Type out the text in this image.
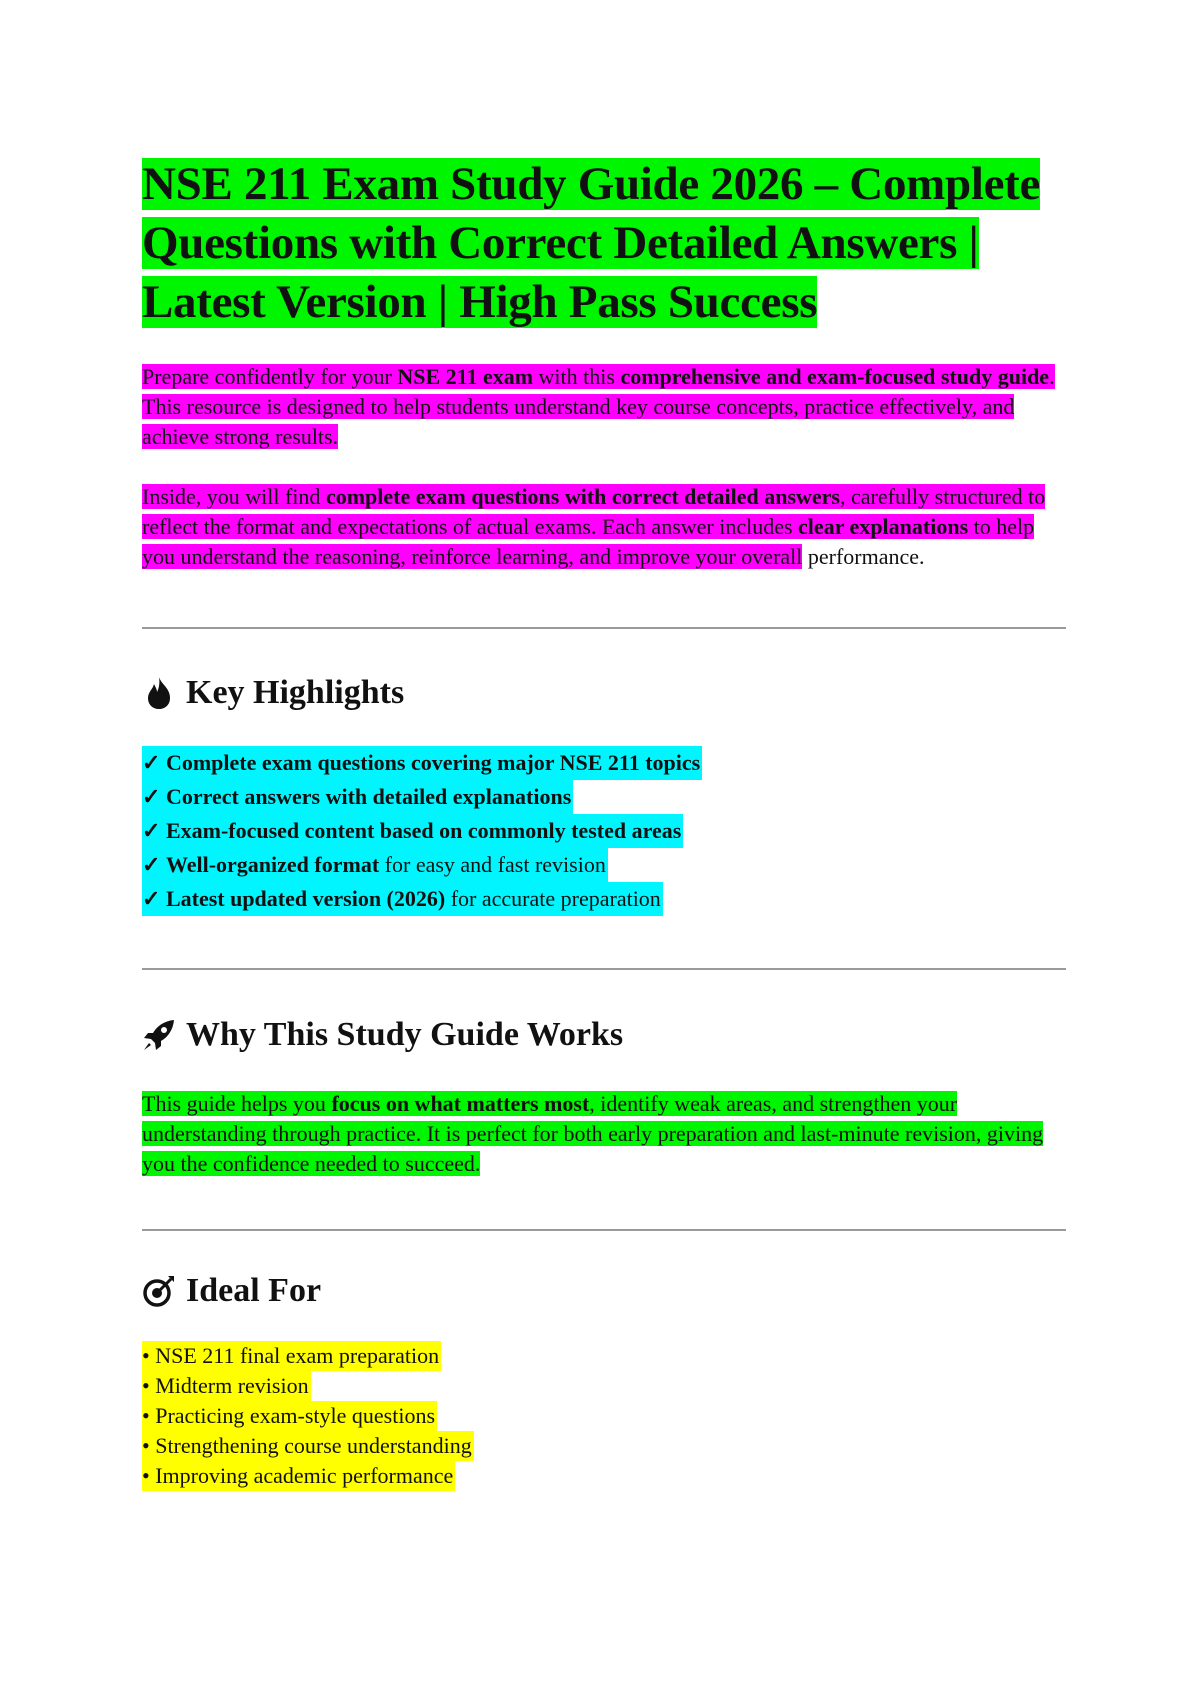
NSE 211 Exam Study Guide 2026 – Complete Questions with Correct Detailed Answers | Latest Version | High Pass Success

Prepare confidently for your NSE 211 exam with this comprehensive and exam-focused study guide. This resource is designed to help students understand key course concepts, practice effectively, and achieve strong results.

Inside, you will find complete exam questions with correct detailed answers, carefully structured to reflect the format and expectations of actual exams. Each answer includes clear explanations to help you understand the reasoning, reinforce learning, and improve your overall performance.

Key Highlights
✓ Complete exam questions covering major NSE 211 topics
✓ Correct answers with detailed explanations
✓ Exam-focused content based on commonly tested areas
✓ Well-organized format for easy and fast revision
✓ Latest updated version (2026) for accurate preparation
Why This Study Guide Works

This guide helps you focus on what matters most, identify weak areas, and strengthen your understanding through practice. It is perfect for both early preparation and last-minute revision, giving you the confidence needed to succeed.

Ideal For
• NSE 211 final exam preparation
• Midterm revision
• Practicing exam-style questions
• Strengthening course understanding
• Improving academic performance
